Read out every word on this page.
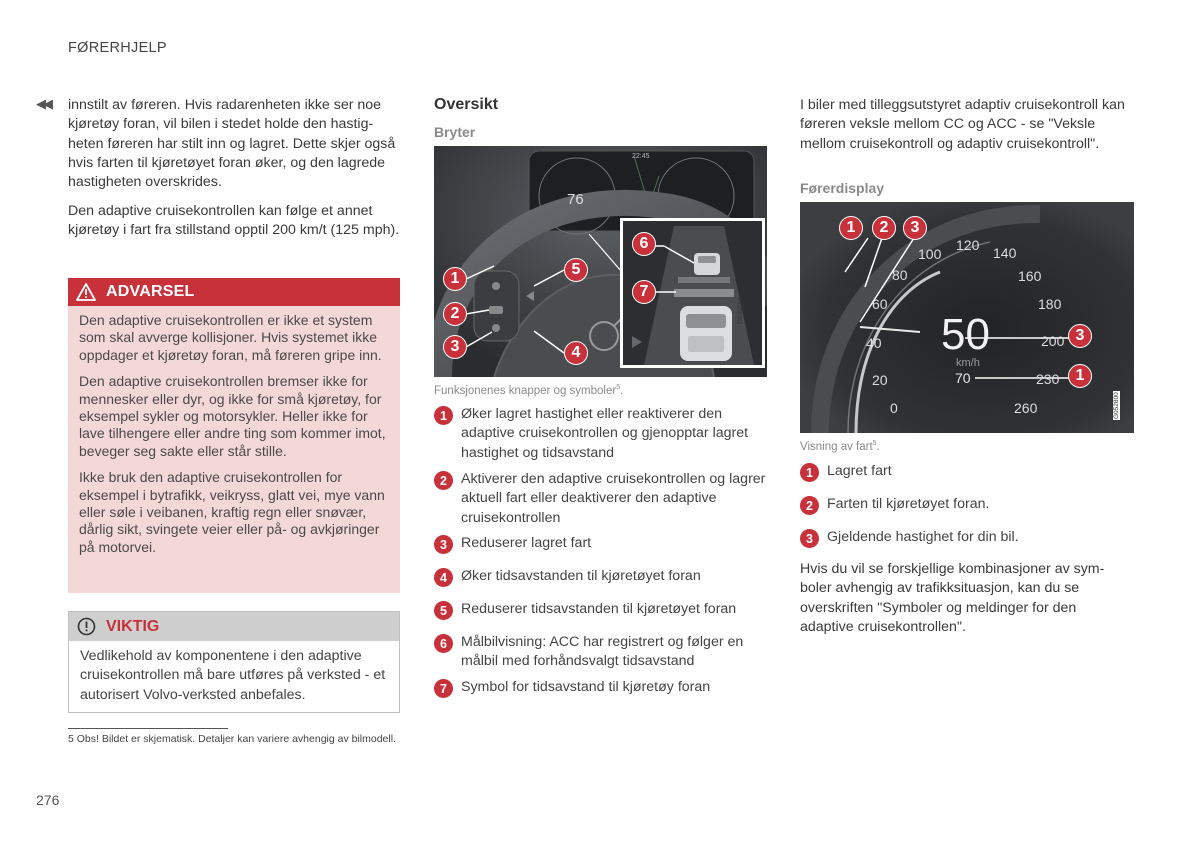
FØRERHJELP
◀◀ innstilt av føreren. Hvis radarenheten ikke ser noe kjøretøy foran, vil bilen i stedet holde den hastigheten føreren har stilt inn og lagret. Dette skjer også hvis farten til kjøretøyet foran øker, og den lagrede hastigheten overskrides.

Den adaptive cruisekontrollen kan følge et annet kjøretøy i fart fra stillstand opptil 200 km/t (125 mph).

ADVARSEL

Den adaptive cruisekontrollen er ikke et system som skal avverge kollisjoner. Hvis systemet ikke oppdager et kjøretøy foran, må føreren gripe inn.

Den adaptive cruisekontrollen bremser ikke for mennesker eller dyr, og ikke for små kjøretøy, for eksempel sykler og motorsykler. Heller ikke for lave tilhengere eller andre ting som kommer imot, beveger seg sakte eller står stille.

Ikke bruk den adaptive cruisekontrollen for eksempel i bytrafikk, veikryss, glatt vei, mye vann eller søle i veibanen, kraftig regn eller snøvær, dårlig sikt, svingete veier eller på- og avkjøringer på motorvei.

VIKTIG

Vedlikehold av komponentene i den adaptive cruisekontrollen må bare utføres på verksted - et autorisert Volvo-verksted anbefales.

5 Obs! Bildet er skjematisk. Detaljer kan variere avhengig av bilmodell.
276
Oversikt
Bryter
76
22:45
G000594
1
2
3	4
5
6
7
Funksjonenes knapper og symboler$^5$.
1 Øker lagret hastighet eller reaktiverer den adaptive cruisekontrollen og gjenopptar lagret hastighet og tidsavstand
2 Aktiverer den adaptive cruisekontrollen og lagrer aktuell fart eller deaktiverer den adaptive cruisekontrollen
3 Reduserer lagret fart
4 Øker tidsavstanden til kjøretøyet foran
5 Reduserer tidsavstanden til kjøretøyet foran
6 Målbilvisning: ACC har registrert og følger en målbil med forhåndsvalgt tidsavstand
7 Symbol for tidsavstand til kjøretøy foran

I biler med tilleggsutstyret adaptiv cruisekontroll kan føreren veksle mellom CC og ACC - se "Veksle mellom cruisekontroll og adaptiv cruisekontroll".

Førerdisplay
0
20
40
60
80
100
120 140
160
180
200
230
260
50
km/h
70
G052800
1	2	3
3
1
Visning av fart$^5$.
1 Lagret fart
2 Farten til kjøretøyet foran.
3 Gjeldende hastighet for din bil.

Hvis du vil se forskjellige kombinasjoner av symboler avhengig av trafikksituasjon, kan du se overskriften "Symboler og meldinger for den adaptive cruisekontrollen".
